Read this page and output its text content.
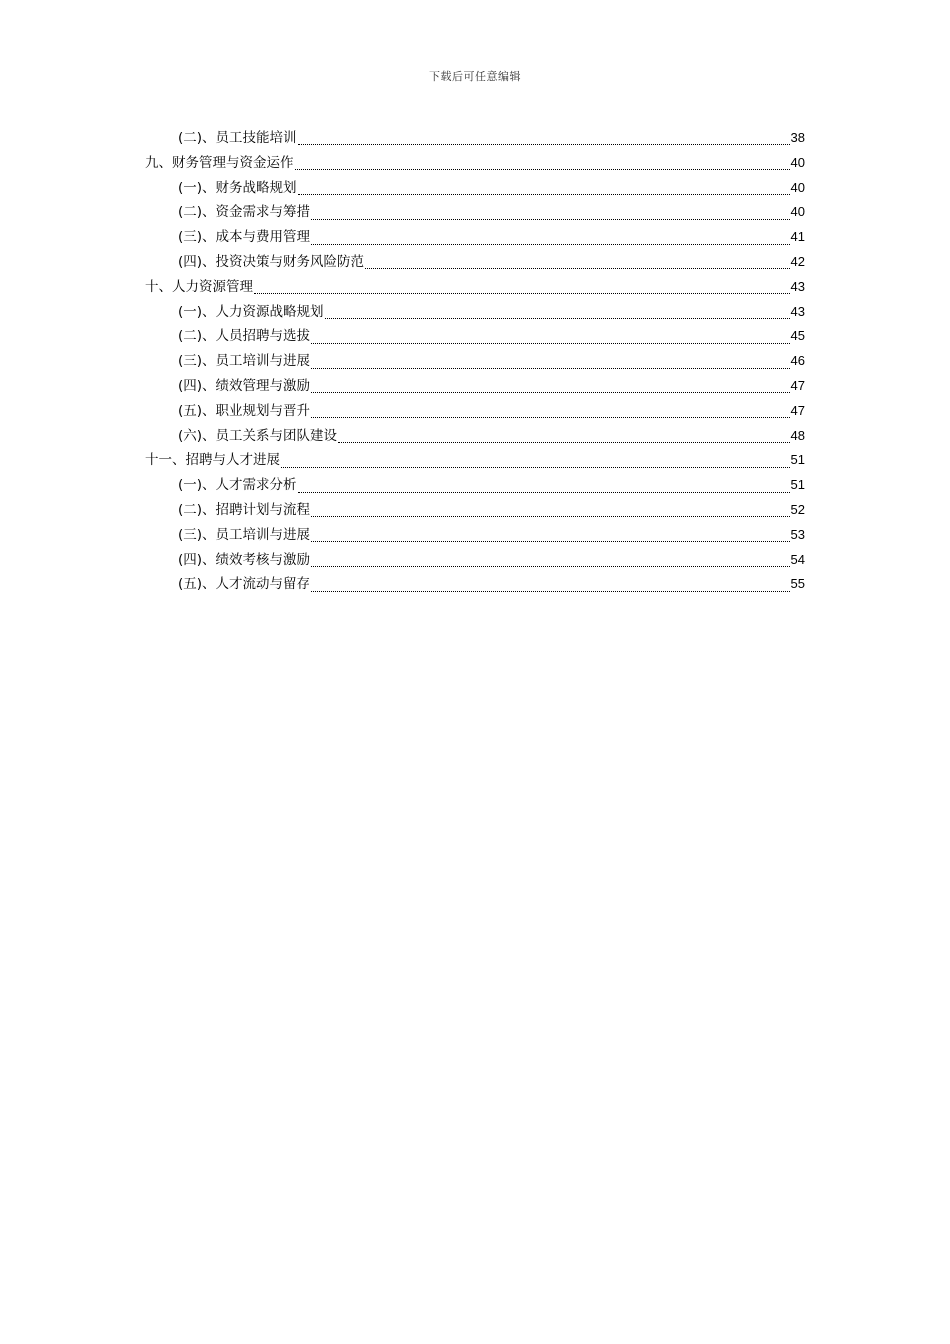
下载后可任意编辑
(二)、员工技能培训	38
九、财务管理与资金运作	40
(一)、财务战略规划	40
(二)、资金需求与筹措	40
(三)、成本与费用管理	41
(四)、投资决策与财务风险防范	42
十、人力资源管理	43
(一)、人力资源战略规划	43
(二)、人员招聘与选拔	45
(三)、员工培训与进展	46
(四)、绩效管理与激励	47
(五)、职业规划与晋升	47
(六)、员工关系与团队建设	48
十一、招聘与人才进展	51
(一)、人才需求分析	51
(二)、招聘计划与流程	52
(三)、员工培训与进展	53
(四)、绩效考核与激励	54
(五)、人才流动与留存	55
